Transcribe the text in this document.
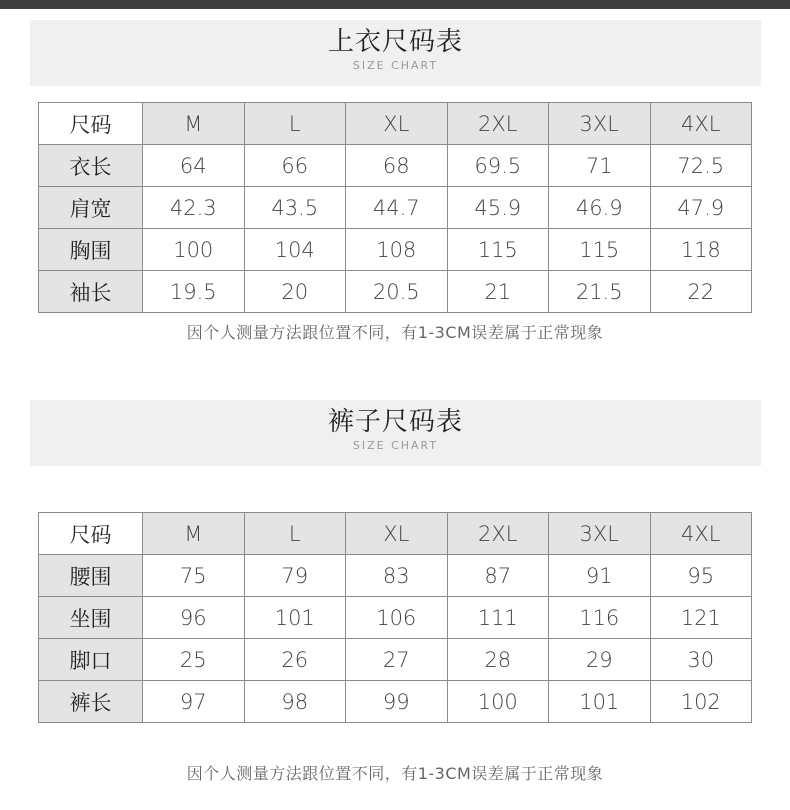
上衣尺码表
SIZE CHART
尺码	M	L	XL	2XL	3XL	4XL
衣长	64	66	68	69.5	71	72.5
肩宽	42.3	43.5	44.7	45.9	46.9	47.9
胸围	100	104	108	115	115	118
袖长	19.5	20	20.5	21	21.5	22
因个人测量方法跟位置不同，有1-3CM误差属于正常现象
裤子尺码表
SIZE CHART
尺码	M	L	XL	2XL	3XL	4XL
腰围	75	79	83	87	91	95
坐围	96	101	106	111	116	121
脚口	25	26	27	28	29	30
裤长	97	98	99	100	101	102
因个人测量方法跟位置不同，有1-3CM误差属于正常现象
